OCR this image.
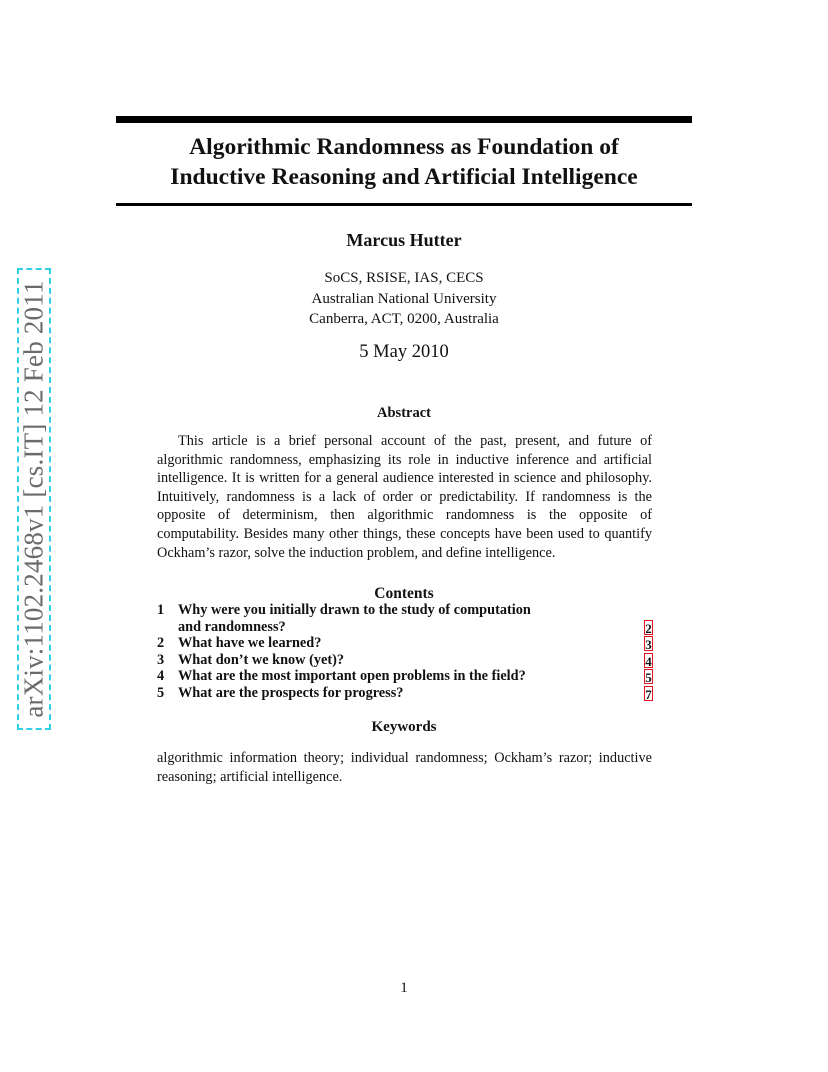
arXiv:1102.2468v1 [cs.IT] 12 Feb 2011
Algorithmic Randomness as Foundation of
Inductive Reasoning and Artificial Intelligence
Marcus Hutter
SoCS, RSISE, IAS, CECS
Australian National University
Canberra, ACT, 0200, Australia
5 May 2010
Abstract

This article is a brief personal account of the past, present, and future of algorithmic randomness, emphasizing its role in inductive inference and artificial intelligence. It is written for a general audience interested in science and philosophy. Intuitively, randomness is a lack of order or predictability. If randomness is the opposite of determinism, then algorithmic randomness is the opposite of computability. Besides many other things, these concepts have been used to quantify Ockham’s razor, solve the induction problem, and define intelligence.

Contents
1 Why were you initially drawn to the study of computation
and randomness?	2
2 What have we learned?	3
3 What don’t we know (yet)?	4
4 What are the most important open problems in the field?	5
5 What are the prospects for progress?	7
Keywords

algorithmic information theory; individual randomness; Ockham’s razor; inductive reasoning; artificial intelligence.

1
